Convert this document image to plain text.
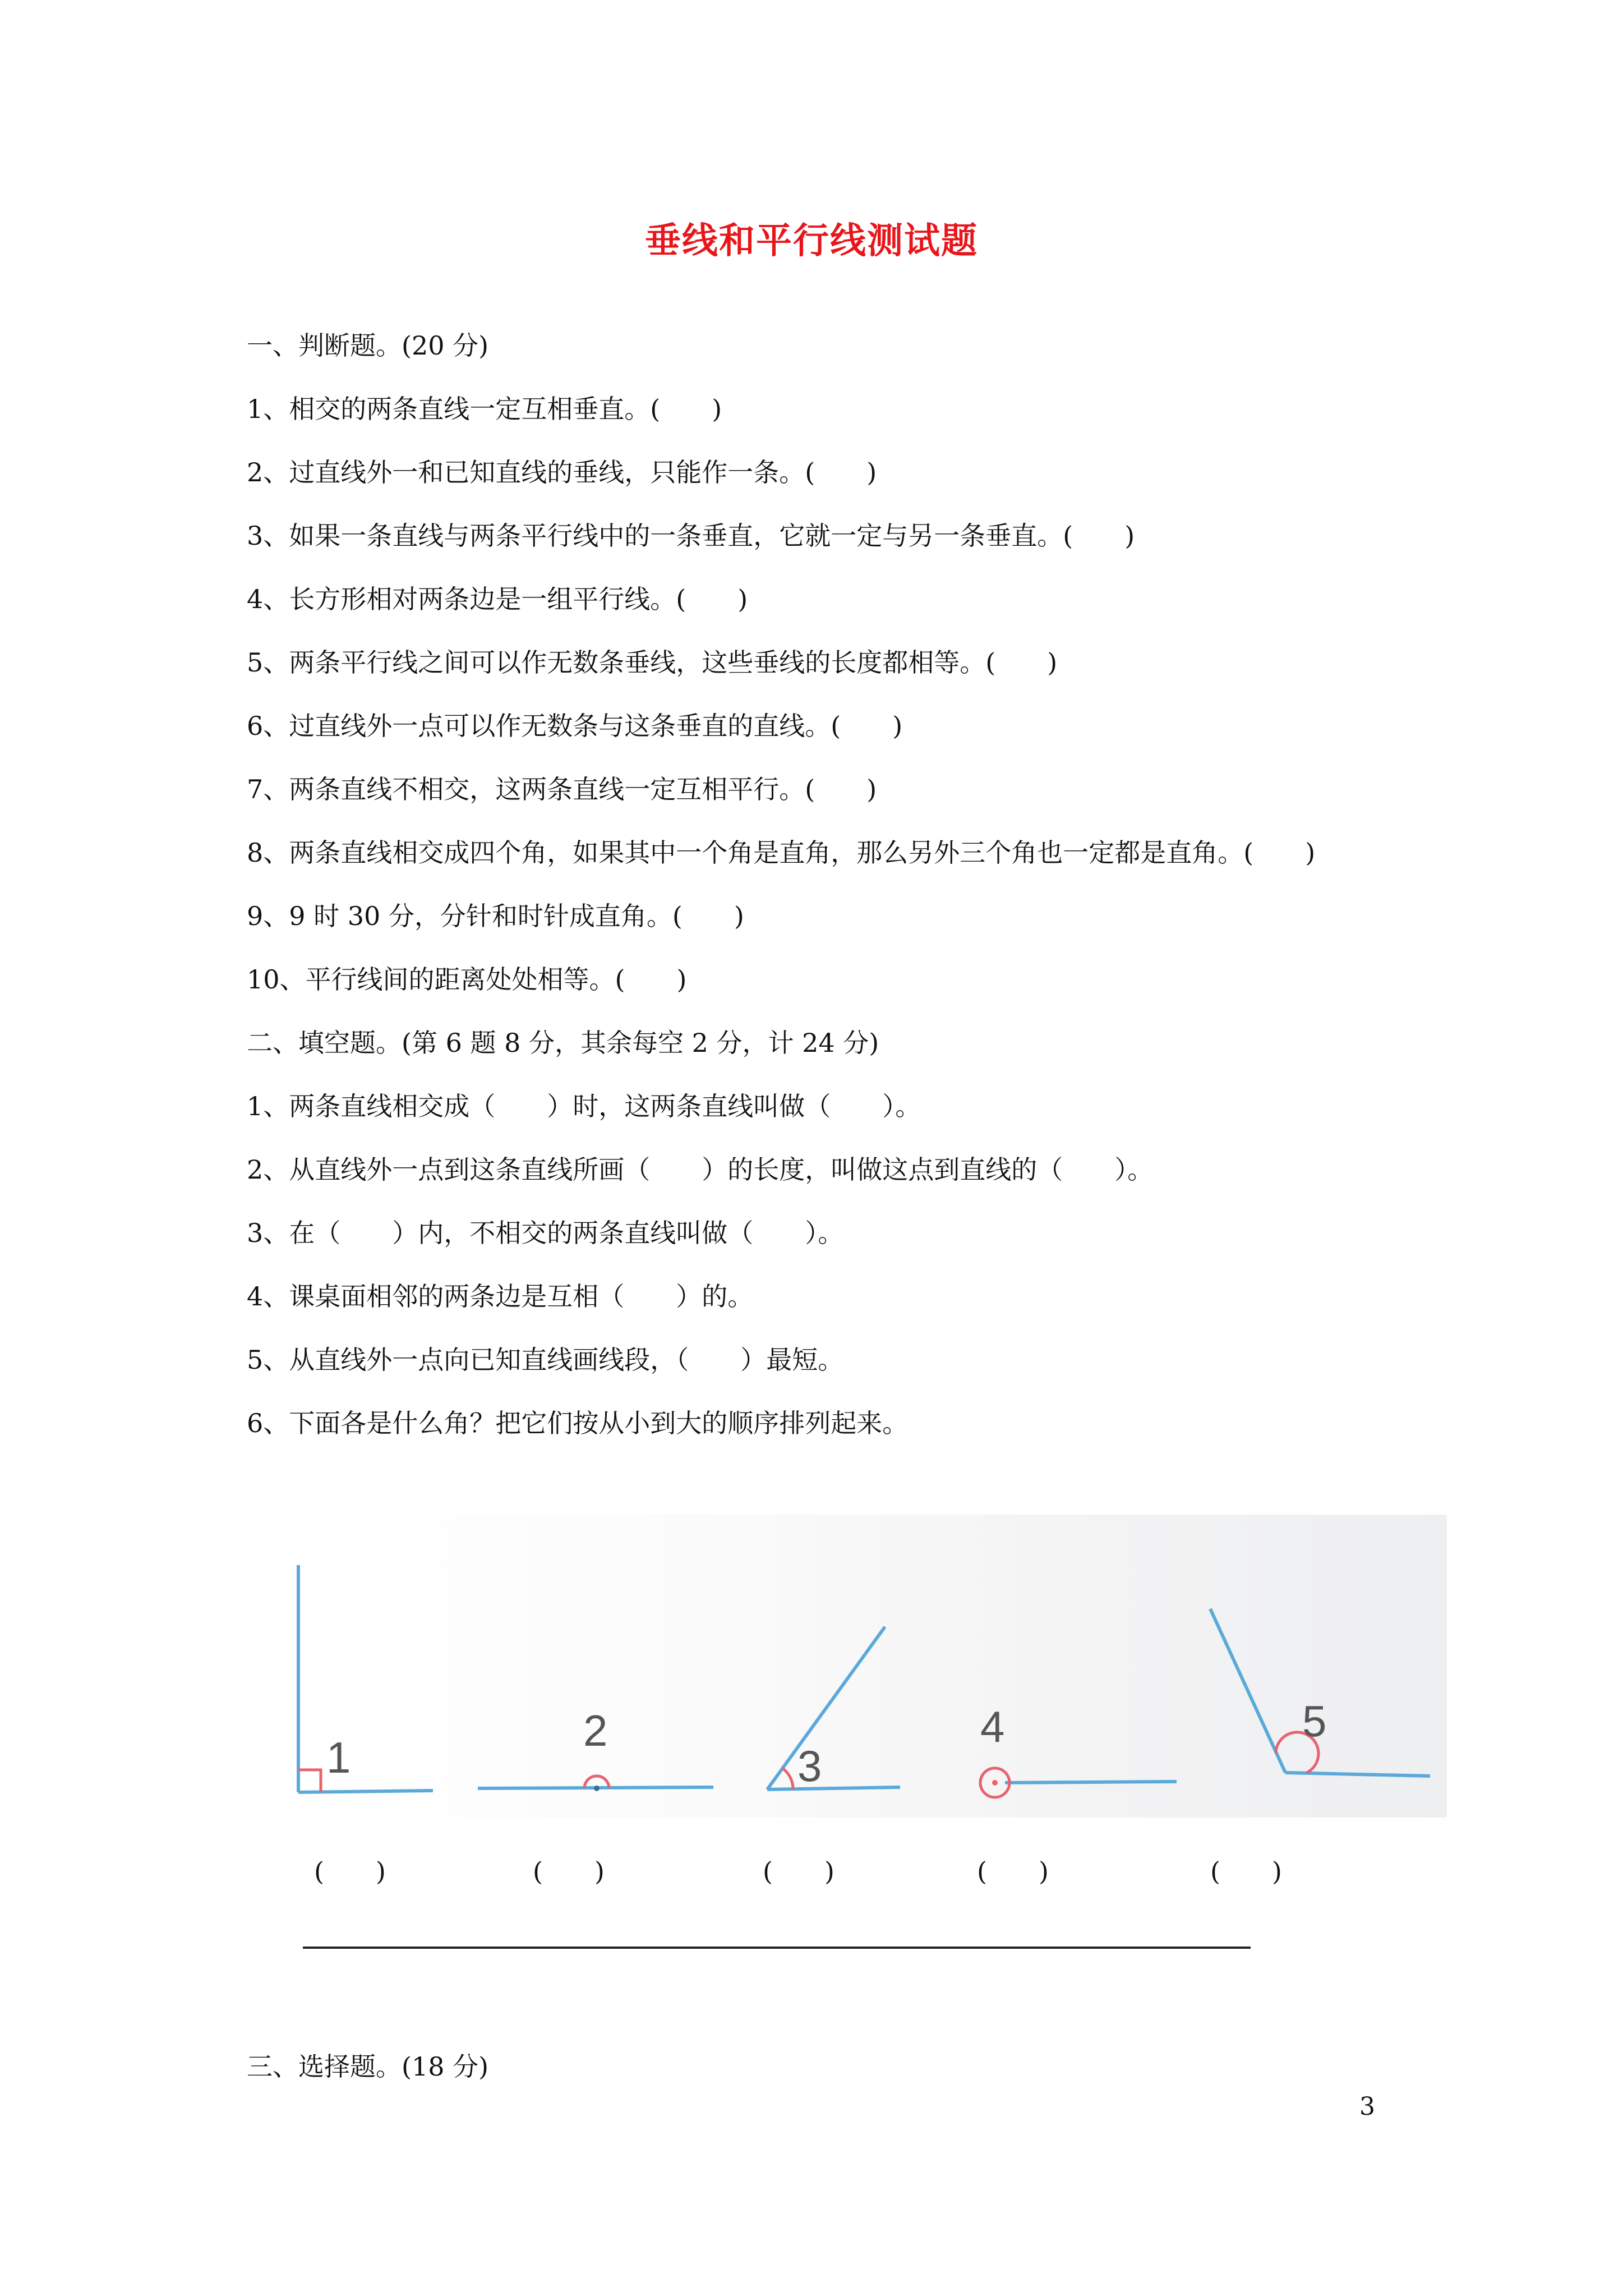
垂线和平行线测试题
一、判断题。(20 分)
1、相交的两条直线一定互相垂直。(　　)
2、过直线外一和已知直线的垂线，只能作一条。(　　)
3、如果一条直线与两条平行线中的一条垂直，它就一定与另一条垂直。(　　)
4、长方形相对两条边是一组平行线。(　　)
5、两条平行线之间可以作无数条垂线，这些垂线的长度都相等。(　　)
6、过直线外一点可以作无数条与这条垂直的直线。(　　)
7、两条直线不相交，这两条直线一定互相平行。(　　)
8、两条直线相交成四个角，如果其中一个角是直角，那么另外三个角也一定都是直角。(　　)
9、9 时 30 分，分针和时针成直角。(　　)
10、平行线间的距离处处相等。(　　)
二、填空题。(第 6 题 8 分，其余每空 2 分，计 24 分)
1、两条直线相交成（　　）时，这两条直线叫做（　　）。
2、从直线外一点到这条直线所画（　　）的长度，叫做这点到直线的（　　）。
3、在（　　）内，不相交的两条直线叫做（　　）。
4、课桌面相邻的两条边是互相（　　）的。
5、从直线外一点向已知直线画线段，（　　）最短。
6、下面各是什么角？把它们按从小到大的顺序排列起来。
1
2
3
4	5
(　　)	(　　)	(　　)	(　　)	(　　)
三、选择题。(18 分)
3
